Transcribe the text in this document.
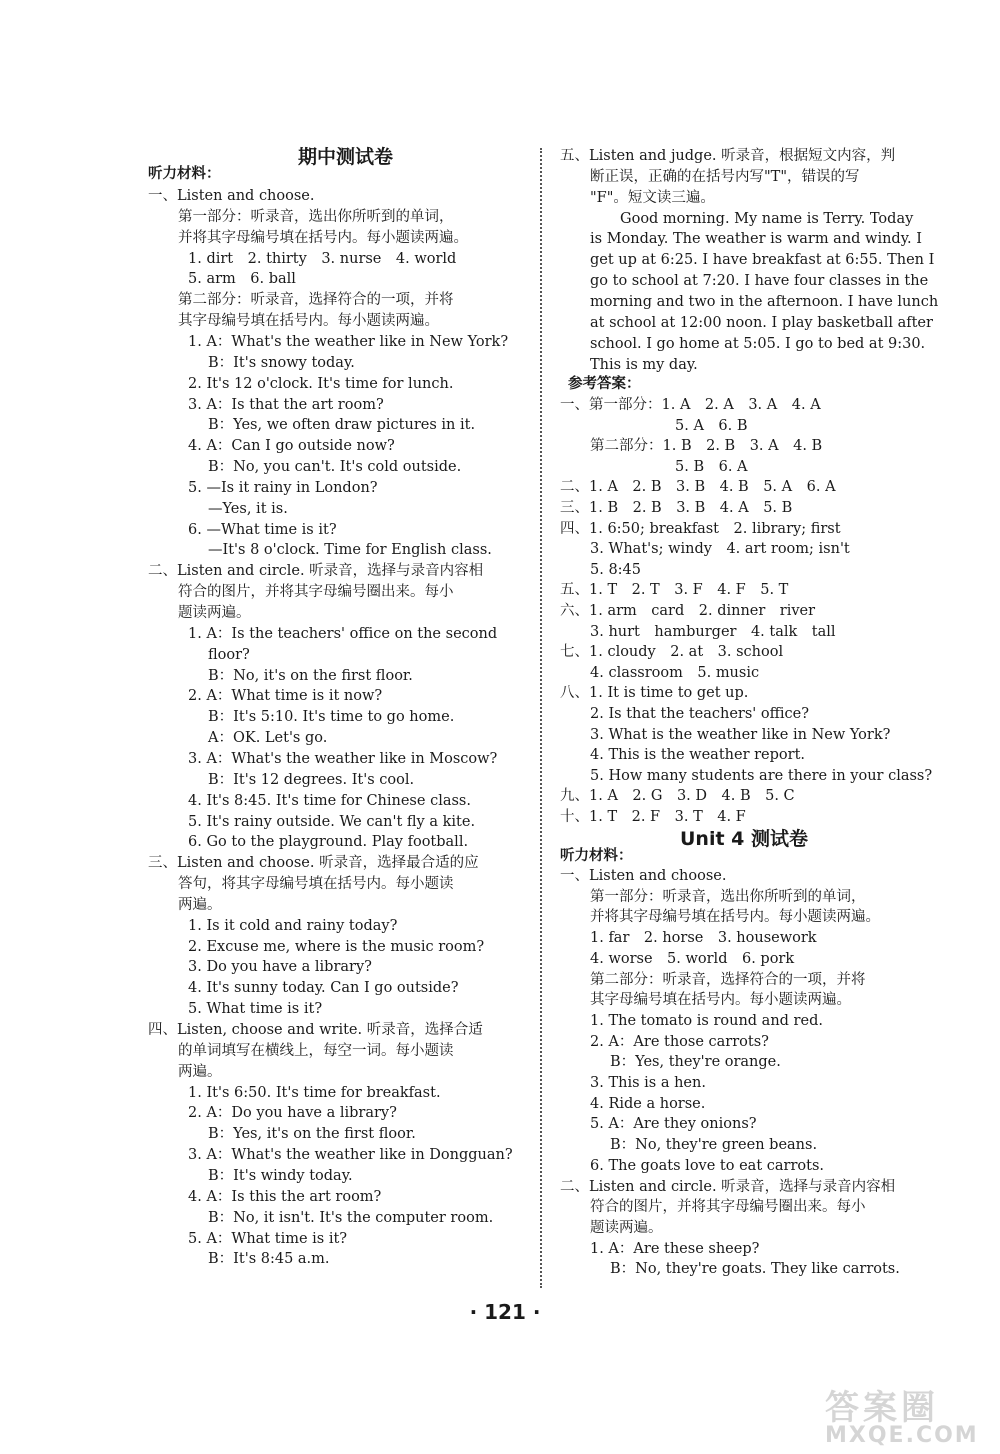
期中测试卷
听力材料：
一、Listen and choose.
第一部分：听录音，选出你所听到的单词，
并将其字母编号填在括号内。每小题读两遍。
1. dirt　2. thirty　3. nurse　4. world
5. arm　6. ball
第二部分：听录音，选择符合的一项，并将
其字母编号填在括号内。每小题读两遍。
1. A：What's the weather like in New York?
B：It's snowy today.
2. It's 12 o'clock. It's time for lunch.
3. A：Is that the art room?
B：Yes, we often draw pictures in it.
4. A：Can I go outside now?
B：No, you can't. It's cold outside.
5. —Is it rainy in London?
—Yes, it is.
6. —What time is it?
—It's 8 o'clock. Time for English class.
二、Listen and circle. 听录音，选择与录音内容相
符合的图片，并将其字母编号圈出来。每小
题读两遍。
1. A：Is the teachers' office on the second
floor?
B：No, it's on the first floor.
2. A：What time is it now?
B：It's 5:10. It's time to go home.
A：OK. Let's go.
3. A：What's the weather like in Moscow?
B：It's 12 degrees. It's cool.
4. It's 8:45. It's time for Chinese class.
5. It's rainy outside. We can't fly a kite.
6. Go to the playground. Play football.
三、Listen and choose. 听录音，选择最合适的应
答句，将其字母编号填在括号内。每小题读
两遍。
1. Is it cold and rainy today?
2. Excuse me, where is the music room?
3. Do you have a library?
4. It's sunny today. Can I go outside?
5. What time is it?
四、Listen, choose and write. 听录音，选择合适
的单词填写在横线上，每空一词。每小题读
两遍。
1. It's 6:50. It's time for breakfast.
2. A：Do you have a library?
B：Yes, it's on the first floor.
3. A：What's the weather like in Dongguan?
B：It's windy today.
4. A：Is this the art room?
B：No, it isn't. It's the computer room.
5. A：What time is it?
B：It's 8:45 a.m.
五、Listen and judge. 听录音，根据短文内容，判
断正误，正确的在括号内写"T"，错误的写
"F"。短文读三遍。
Good morning. My name is Terry. Today
is Monday. The weather is warm and windy. I
get up at 6:25. I have breakfast at 6:55. Then I
go to school at 7:20. I have four classes in the
morning and two in the afternoon. I have lunch
at school at 12:00 noon. I play basketball after
school. I go home at 5:05. I go to bed at 9:30.
This is my day.
参考答案：
一、第一部分：1. A　2. A　3. A　4. A
5. A　6. B
第二部分：1. B　2. B　3. A　4. B
5. B　6. A
二、1. A　2. B　3. B　4. B　5. A　6. A
三、1. B　2. B　3. B　4. A　5. B
四、1. 6:50; breakfast　2. library; first
3. What's; windy　4. art room; isn't
5. 8:45
五、1. T　2. T　3. F　4. F　5. T
六、1. arm　card　2. dinner　river
3. hurt　hamburger　4. talk　tall
七、1. cloudy　2. at　3. school
4. classroom　5. music
八、1. It is time to get up.
2. Is that the teachers' office?
3. What is the weather like in New York?
4. This is the weather report.
5. How many students are there in your class?
九、1. A　2. G　3. D　4. B　5. C
十、1. T　2. F　3. T　4. F
Unit 4 测试卷
听力材料：
一、Listen and choose.
第一部分：听录音，选出你所听到的单词，
并将其字母编号填在括号内。每小题读两遍。
1. far　2. horse　3. housework
4. worse　5. world　6. pork
第二部分：听录音，选择符合的一项，并将
其字母编号填在括号内。每小题读两遍。
1. The tomato is round and red.
2. A：Are those carrots?
B：Yes, they're orange.
3. This is a hen.
4. Ride a horse.
5. A：Are they onions?
B：No, they're green beans.
6. The goats love to eat carrots.
二、Listen and circle. 听录音，选择与录音内容相
符合的图片，并将其字母编号圈出来。每小
题读两遍。
1. A：Are these sheep?
B：No, they're goats. They like carrots.
· 121 ·
答案圈
MXQE.COM
